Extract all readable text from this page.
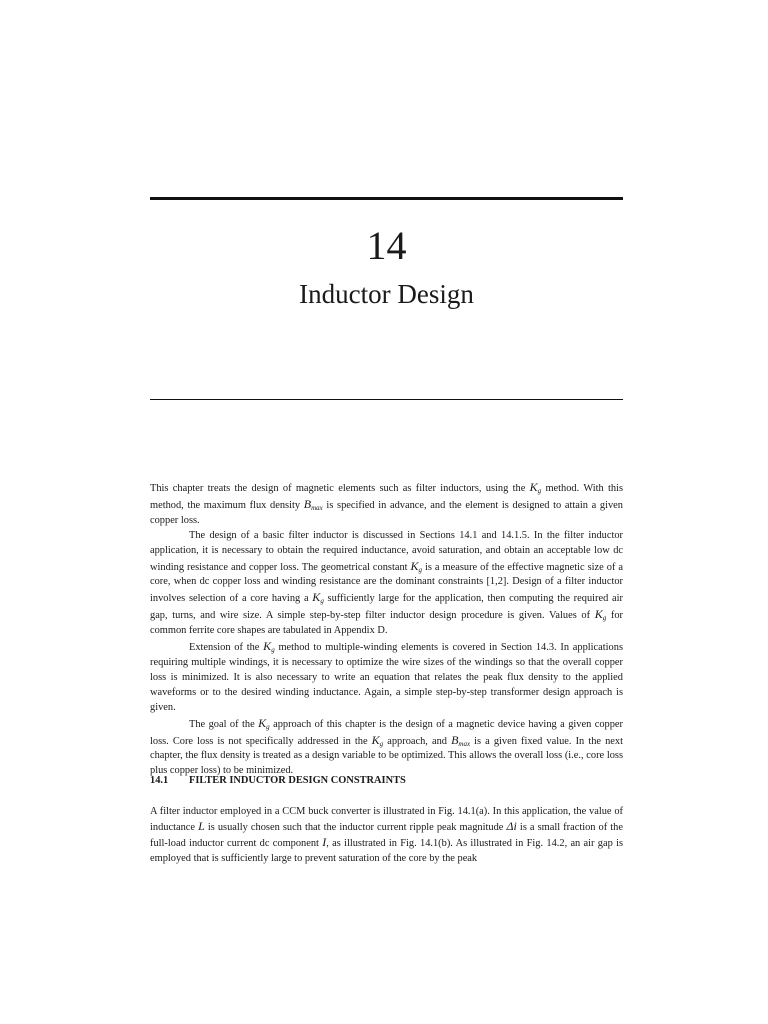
14
Inductor Design

This chapter treats the design of magnetic elements such as filter inductors, using the $K_g$ method. With this method, the maximum flux density $B_{max}$ is specified in advance, and the element is designed to attain a given copper loss.

The design of a basic filter inductor is discussed in Sections 14.1 and 14.1.5. In the filter inductor application, it is necessary to obtain the required inductance, avoid saturation, and obtain an acceptable low dc winding resistance and copper loss. The geometrical constant $K_g$ is a measure of the effective magnetic size of a core, when dc copper loss and winding resistance are the dominant constraints [1,2]. Design of a filter inductor involves selection of a core having a $K_g$ sufficiently large for the application, then computing the required air gap, turns, and wire size. A simple step-by-step filter inductor design procedure is given. Values of $K_g$ for common ferrite core shapes are tabulated in Appendix D.

Extension of the $K_g$ method to multiple-winding elements is covered in Section 14.3. In applications requiring multiple windings, it is necessary to optimize the wire sizes of the windings so that the overall copper loss is minimized. It is also necessary to write an equation that relates the peak flux density to the applied waveforms or to the desired winding inductance. Again, a simple step-by-step transformer design approach is given.

The goal of the $K_g$ approach of this chapter is the design of a magnetic device having a given copper loss. Core loss is not specifically addressed in the $K_g$ approach, and $B_{max}$ is a given fixed value. In the next chapter, the flux density is treated as a design variable to be optimized. This allows the overall loss (i.e., core loss plus copper loss) to be minimized.

14.1 FILTER INDUCTOR DESIGN CONSTRAINTS

A filter inductor employed in a CCM buck converter is illustrated in Fig. 14.1(a). In this application, the value of inductance L is usually chosen such that the inductor current ripple peak magnitude Δi is a small fraction of the full-load inductor current dc component I, as illustrated in Fig. 14.1(b). As illustrated in Fig. 14.2, an air gap is employed that is sufficiently large to prevent saturation of the core by the peak
